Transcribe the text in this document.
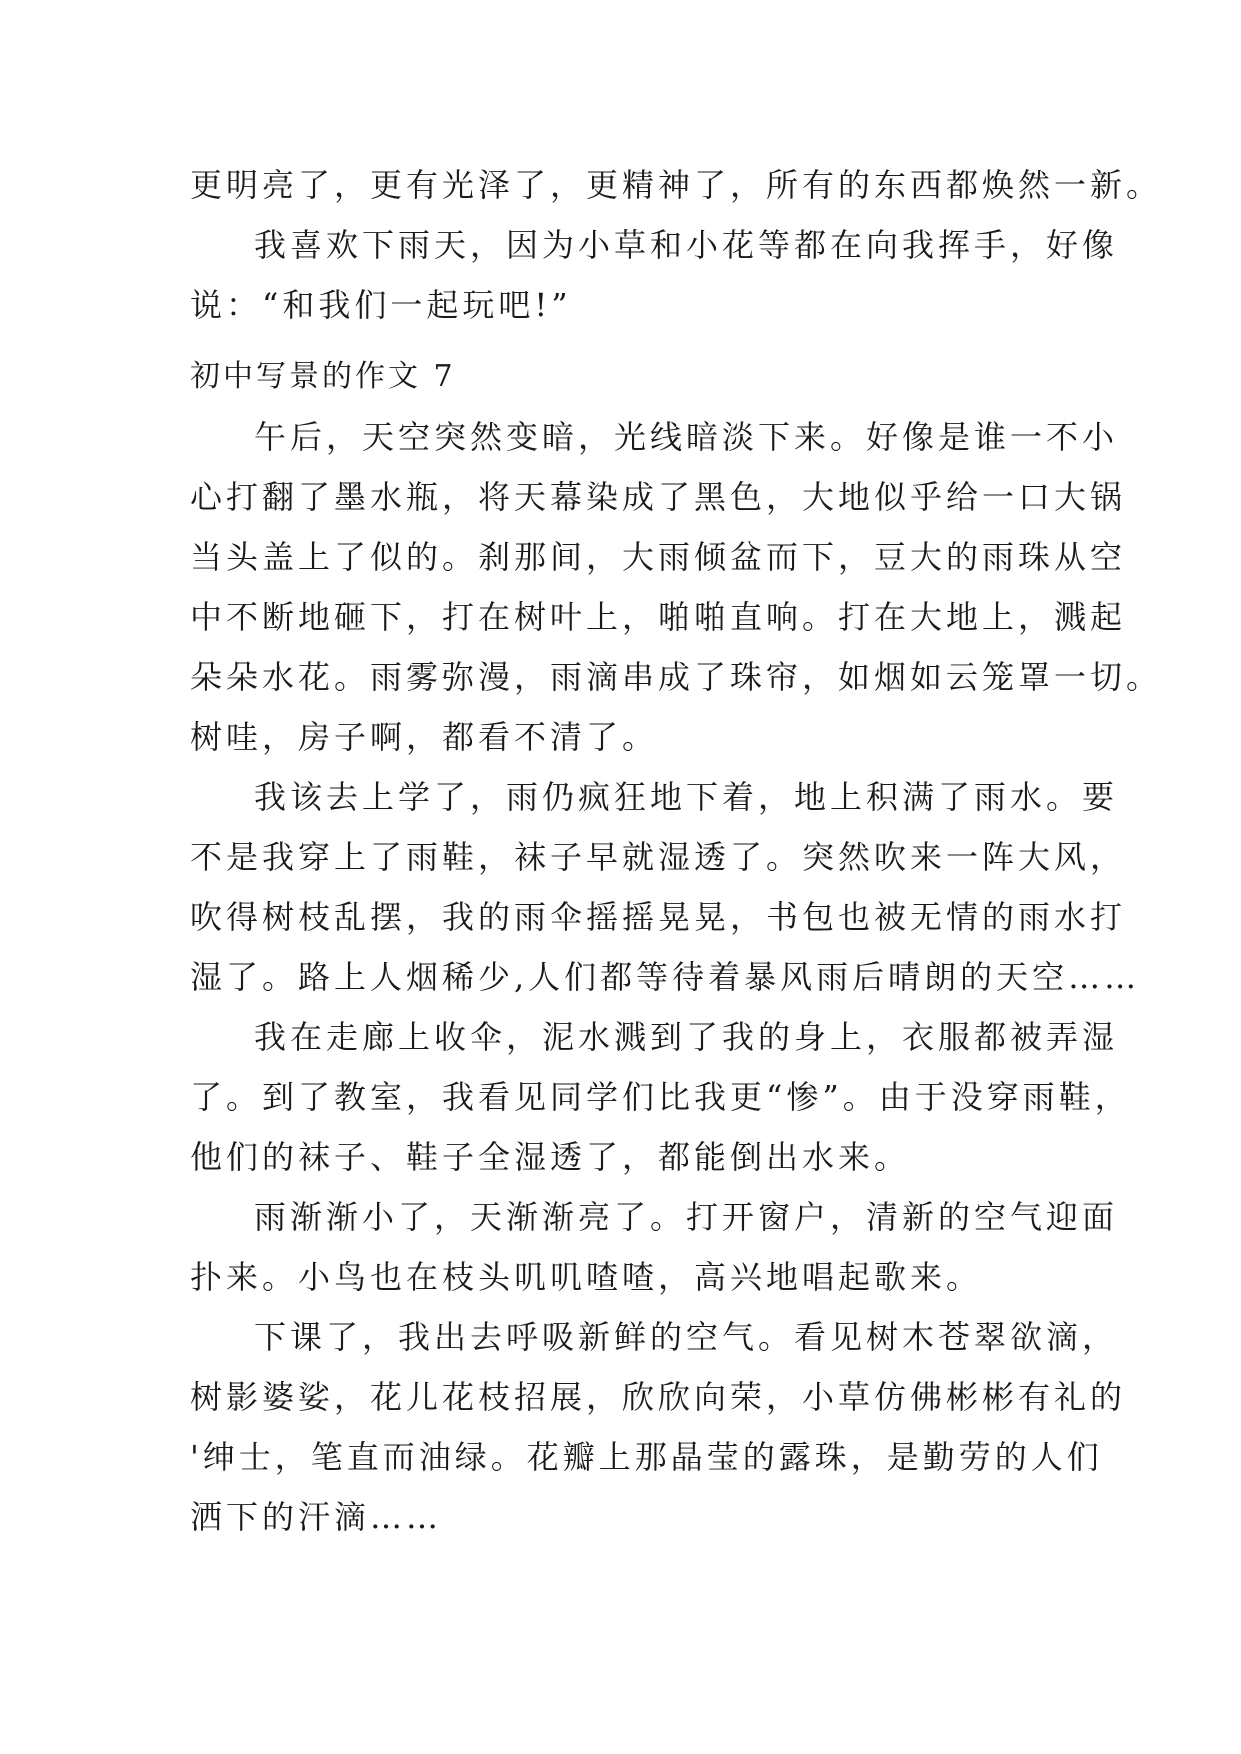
更明亮了，更有光泽了，更精神了，所有的东西都焕然一新。
我喜欢下雨天，因为小草和小花等都在向我挥手，好像
说：“和我们一起玩吧!”
初中写景的作文 7
午后，天空突然变暗，光线暗淡下来。好像是谁一不小
心打翻了墨水瓶，将天幕染成了黑色，大地似乎给一口大锅
当头盖上了似的。刹那间，大雨倾盆而下，豆大的雨珠从空
中不断地砸下，打在树叶上，啪啪直响。打在大地上，溅起
朵朵水花。雨雾弥漫，雨滴串成了珠帘，如烟如云笼罩一切。
树哇，房子啊，都看不清了。
我该去上学了，雨仍疯狂地下着，地上积满了雨水。要
不是我穿上了雨鞋，袜子早就湿透了。突然吹来一阵大风，
吹得树枝乱摆，我的雨伞摇摇晃晃，书包也被无情的雨水打
湿了。路上人烟稀少,人们都等待着暴风雨后晴朗的天空……
我在走廊上收伞，泥水溅到了我的身上，衣服都被弄湿
了。到了教室，我看见同学们比我更“惨”。由于没穿雨鞋，
他们的袜子、鞋子全湿透了，都能倒出水来。
雨渐渐小了，天渐渐亮了。打开窗户，清新的空气迎面
扑来。小鸟也在枝头叽叽喳喳，高兴地唱起歌来。
下课了，我出去呼吸新鲜的空气。看见树木苍翠欲滴，
树影婆娑，花儿花枝招展，欣欣向荣，小草仿佛彬彬有礼的
'绅士，笔直而油绿。花瓣上那晶莹的露珠，是勤劳的人们
洒下的汗滴……
